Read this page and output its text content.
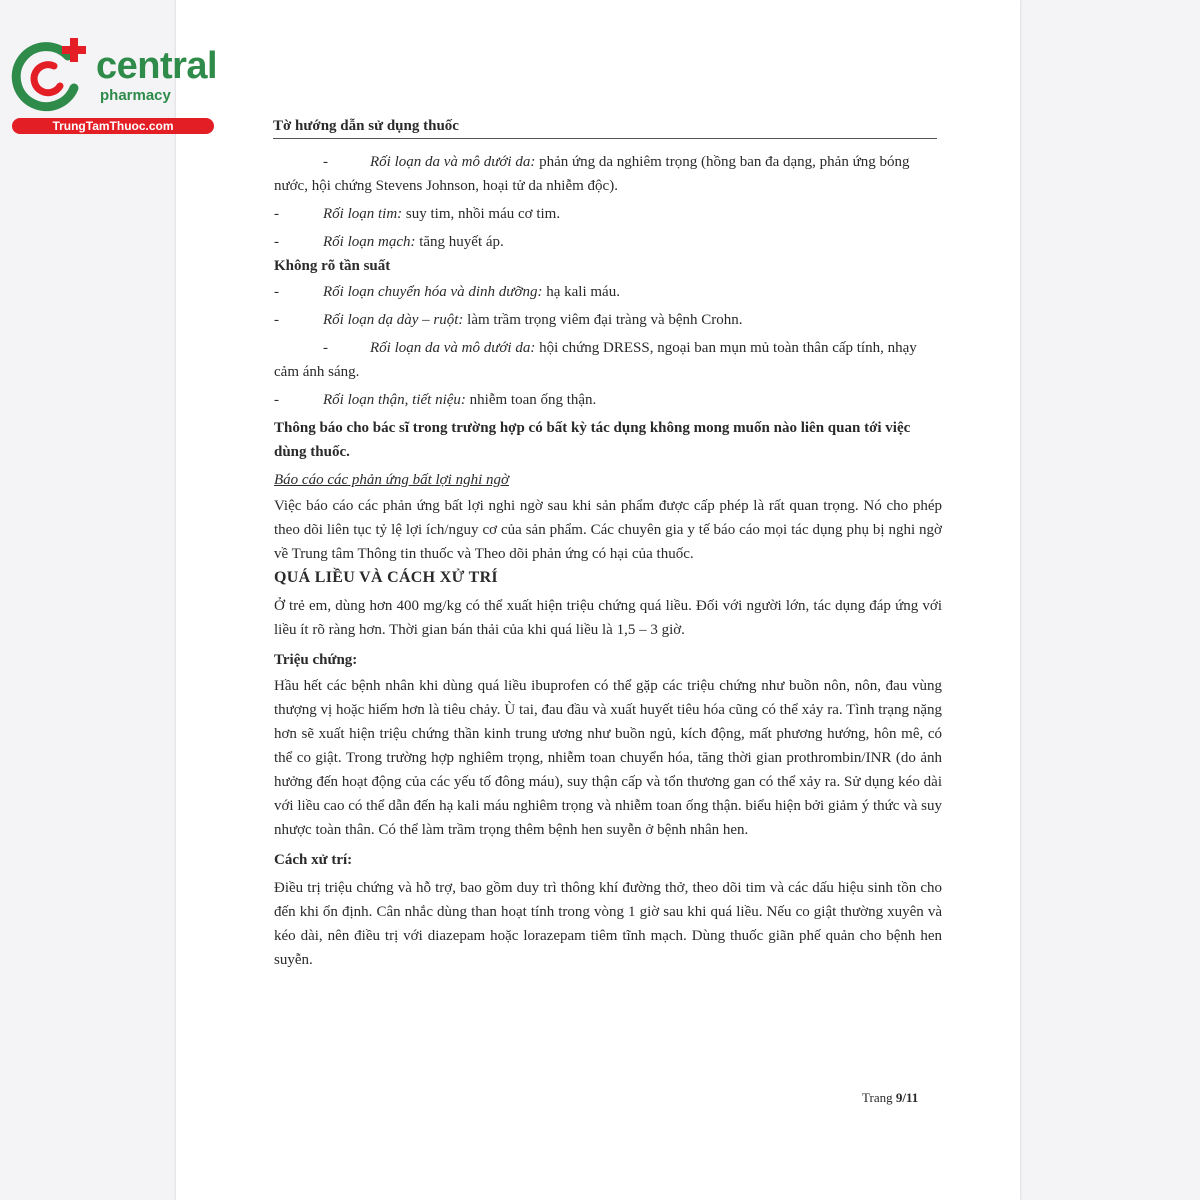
central
pharmacy
TrungTamThuoc.com	Tờ hướng dẫn sử dụng thuốc

-	Rối loạn da và mô dưới da: phản ứng da nghiêm trọng (hồng ban đa dạng, phản ứng bóng nước, hội chứng Stevens Johnson, hoại tử da nhiễm độc).

-	Rối loạn tim: suy tim, nhồi máu cơ tim.

-	Rối loạn mạch: tăng huyết áp.

Không rõ tần suất

-	Rối loạn chuyển hóa và dinh dưỡng: hạ kali máu.

-	Rối loạn dạ dày – ruột: làm trầm trọng viêm đại tràng và bệnh Crohn.

-	Rối loạn da và mô dưới da: hội chứng DRESS, ngoại ban mụn mủ toàn thân cấp tính, nhạy cảm ánh sáng.

-	Rối loạn thận, tiết niệu: nhiễm toan ống thận.

Thông báo cho bác sĩ trong trường hợp có bất kỳ tác dụng không mong muốn nào liên quan tới việc dùng thuốc.

Báo cáo các phản ứng bất lợi nghi ngờ

Việc báo cáo các phản ứng bất lợi nghi ngờ sau khi sản phẩm được cấp phép là rất quan trọng. Nó cho phép theo dõi liên tục tỷ lệ lợi ích/nguy cơ của sản phẩm. Các chuyên gia y tế báo cáo mọi tác dụng phụ bị nghi ngờ về Trung tâm Thông tin thuốc và Theo dõi phản ứng có hại của thuốc.

QUÁ LIỀU VÀ CÁCH XỬ TRÍ

Ở trẻ em, dùng hơn 400 mg/kg có thể xuất hiện triệu chứng quá liều. Đối với người lớn, tác dụng đáp ứng với liều ít rõ ràng hơn. Thời gian bán thải của khi quá liều là 1,5 – 3 giờ.

Triệu chứng:

Hầu hết các bệnh nhân khi dùng quá liều ibuprofen có thể gặp các triệu chứng như buồn nôn, nôn, đau vùng thượng vị hoặc hiếm hơn là tiêu chảy. Ù tai, đau đầu và xuất huyết tiêu hóa cũng có thể xảy ra. Tình trạng nặng hơn sẽ xuất hiện triệu chứng thần kinh trung ương như buồn ngủ, kích động, mất phương hướng, hôn mê, có thể co giật. Trong trường hợp nghiêm trọng, nhiễm toan chuyển hóa, tăng thời gian prothrombin/INR (do ảnh hưởng đến hoạt động của các yếu tố đông máu), suy thận cấp và tổn thương gan có thể xảy ra. Sử dụng kéo dài với liều cao có thể dẫn đến hạ kali máu nghiêm trọng và nhiễm toan ống thận. biểu hiện bởi giảm ý thức và suy nhược toàn thân. Có thể làm trầm trọng thêm bệnh hen suyễn ở bệnh nhân hen.

Cách xử trí:

Điều trị triệu chứng và hỗ trợ, bao gồm duy trì thông khí đường thở, theo dõi tim và các dấu hiệu sinh tồn cho đến khi ổn định. Cân nhắc dùng than hoạt tính trong vòng 1 giờ sau khi quá liều. Nếu co giật thường xuyên và kéo dài, nên điều trị với diazepam hoặc lorazepam tiêm tĩnh mạch. Dùng thuốc giãn phế quản cho bệnh hen suyễn.

Trang 9/11
